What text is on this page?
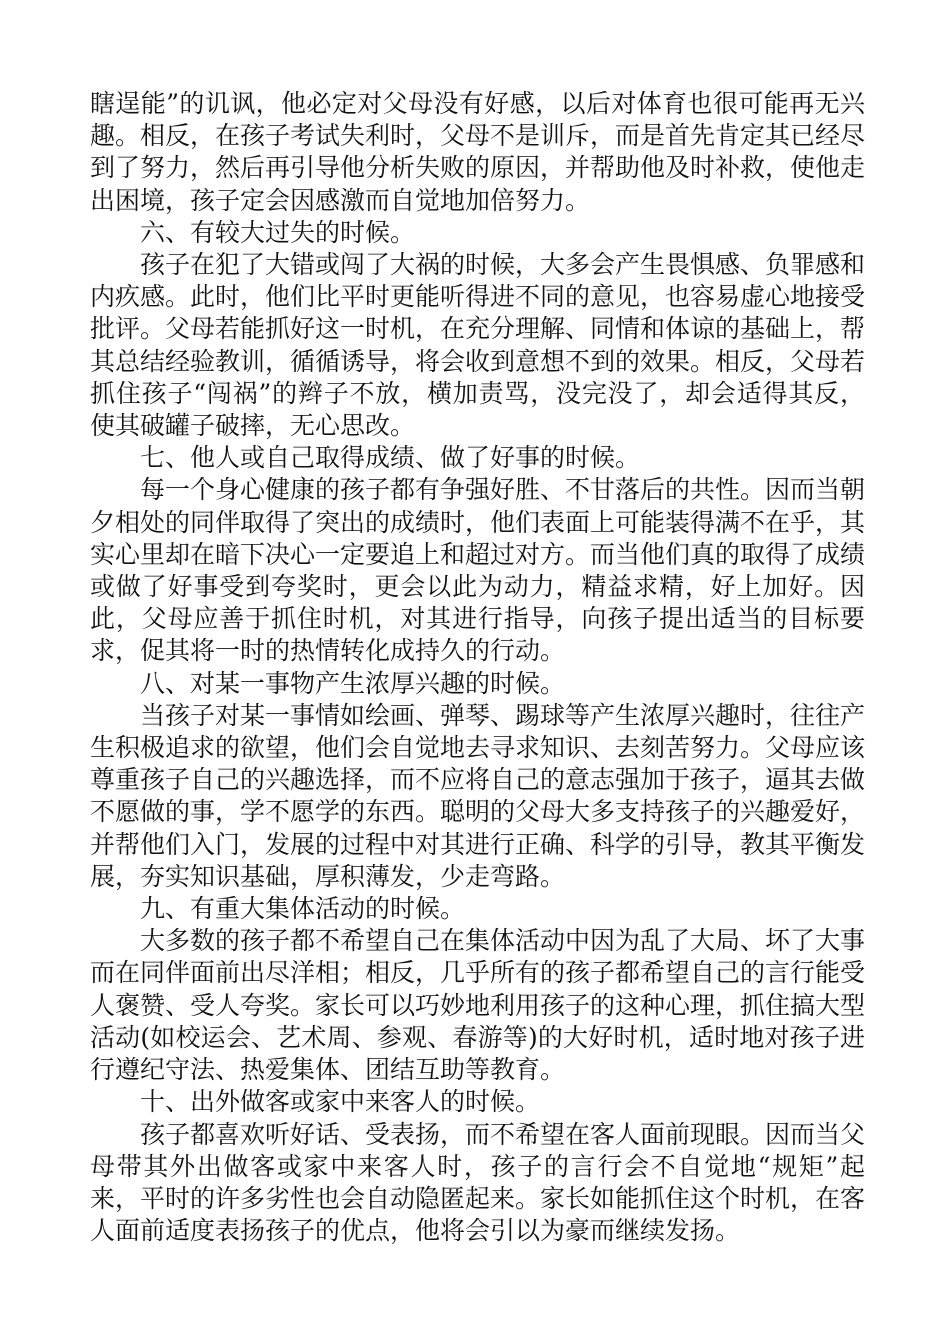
瞎逞能”的讥讽，他必定对父母没有好感，以后对体育也很可能再无兴趣。相反，在孩子考试失利时，父母不是训斥，而是首先肯定其已经尽到了努力，然后再引导他分析失败的原因，并帮助他及时补救，使他走出困境，孩子定会因感激而自觉地加倍努力。

六、有较大过失的时候。

孩子在犯了大错或闯了大祸的时候，大多会产生畏惧感、负罪感和内疚感。此时，他们比平时更能听得进不同的意见，也容易虚心地接受批评。父母若能抓好这一时机，在充分理解、同情和体谅的基础上，帮其总结经验教训，循循诱导，将会收到意想不到的效果。相反，父母若抓住孩子“闯祸”的辫子不放，横加责骂，没完没了，却会适得其反，使其破罐子破摔，无心思改。

七、他人或自己取得成绩、做了好事的时候。

每一个身心健康的孩子都有争强好胜、不甘落后的共性。因而当朝夕相处的同伴取得了突出的成绩时，他们表面上可能装得满不在乎，其实心里却在暗下决心一定要追上和超过对方。而当他们真的取得了成绩或做了好事受到夸奖时，更会以此为动力，精益求精，好上加好。因此，父母应善于抓住时机，对其进行指导，向孩子提出适当的目标要求，促其将一时的热情转化成持久的行动。

八、对某一事物产生浓厚兴趣的时候。

当孩子对某一事情如绘画、弹琴、踢球等产生浓厚兴趣时，往往产生积极追求的欲望，他们会自觉地去寻求知识、去刻苦努力。父母应该尊重孩子自己的兴趣选择，而不应将自己的意志强加于孩子，逼其去做不愿做的事，学不愿学的东西。聪明的父母大多支持孩子的兴趣爱好，并帮他们入门，发展的过程中对其进行正确、科学的引导，教其平衡发展，夯实知识基础，厚积薄发，少走弯路。

九、有重大集体活动的时候。

大多数的孩子都不希望自己在集体活动中因为乱了大局、坏了大事而在同伴面前出尽洋相；相反，几乎所有的孩子都希望自己的言行能受人褒赞、受人夸奖。家长可以巧妙地利用孩子的这种心理，抓住搞大型活动(如校运会、艺术周、参观、春游等)的大好时机，适时地对孩子进行遵纪守法、热爱集体、团结互助等教育。

十、出外做客或家中来客人的时候。

孩子都喜欢听好话、受表扬，而不希望在客人面前现眼。因而当父母带其外出做客或家中来客人时，孩子的言行会不自觉地“规矩”起来，平时的许多劣性也会自动隐匿起来。家长如能抓住这个时机，在客人面前适度表扬孩子的优点，他将会引以为豪而继续发扬。
